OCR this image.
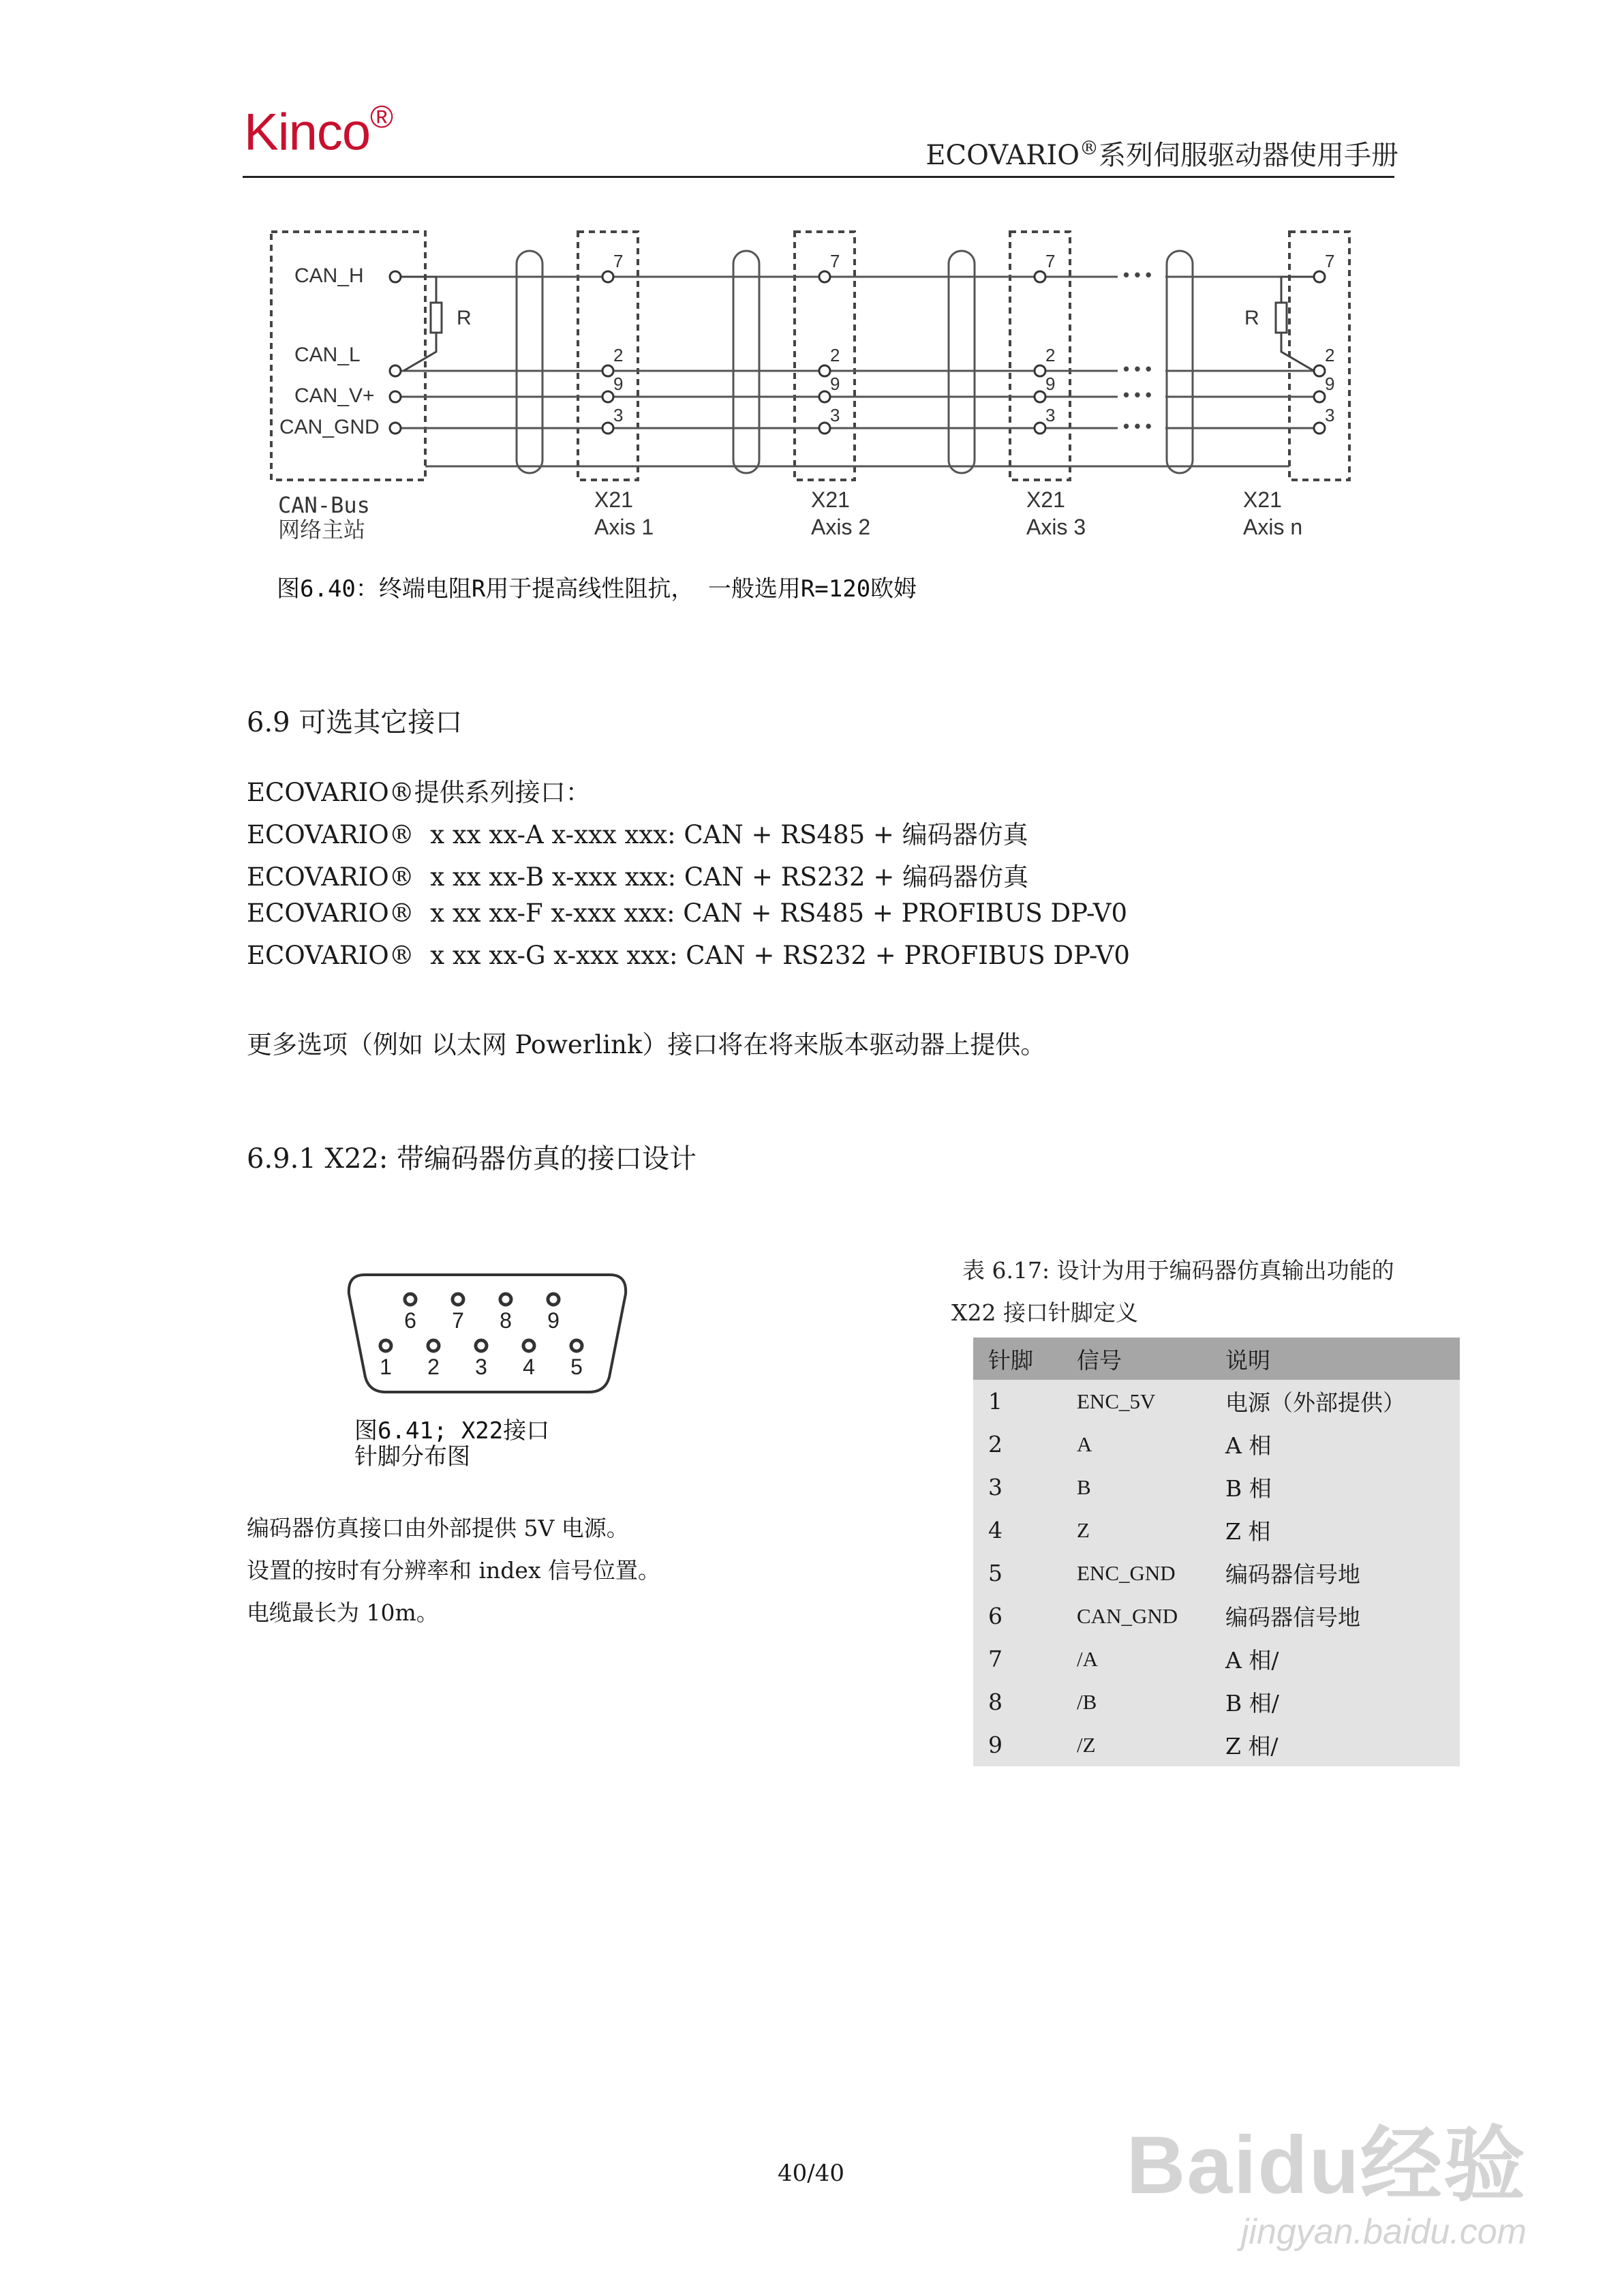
Kinco®
ECOVARIO®系列伺服驱动器使用手册
CAN_H
CAN_L
CAN_V+
CAN_GND
R	R
7
2
9
3
7
2
9
3
7
2
9
3
7
2
9
3
• • •
• • •
• • •
• • •
CAN-Bus
网络主站
X21
Axis 1
X21
Axis 2
X21
Axis 3
X21
Axis n
图6.40：终端电阻R用于提高线性阻抗， 一般选用R=120欧姆
6.9 可选其它接口
ECOVARIO®提供系列接口：
ECOVARIO®  x xx xx-A x-xxx xxx: CAN + RS485 + 编码器仿真
ECOVARIO®  x xx xx-B x-xxx xxx: CAN + RS232 + 编码器仿真
ECOVARIO®  x xx xx-F x-xxx xxx: CAN + RS485 + PROFIBUS DP-V0
ECOVARIO®  x xx xx-G x-xxx xxx: CAN + RS232 + PROFIBUS DP-V0
更多选项（例如 以太网 Powerlink）接口将在将来版本驱动器上提供。
6.9.1 X22: 带编码器仿真的接口设计
6 7 8 9
1 2 3 4 5
图6.41; X22接口
针脚分布图
编码器仿真接口由外部提供 5V 电源。
设置的按时有分辨率和 index 信号位置。
电缆最长为 10m。
表 6.17: 设计为用于编码器仿真输出功能的
X22 接口针脚定义
针脚	信号	说明
1	ENC_5V	电源（外部提供）
2	A	A 相
3	B	B 相
4	Z	Z 相
5	ENC_GND	编码器信号地
6	CAN_GND	编码器信号地
7	/A	A 相/
8	/B	B 相/
9	/Z	Z 相/
40/40	Baidu经验
jingyan.baidu.com
